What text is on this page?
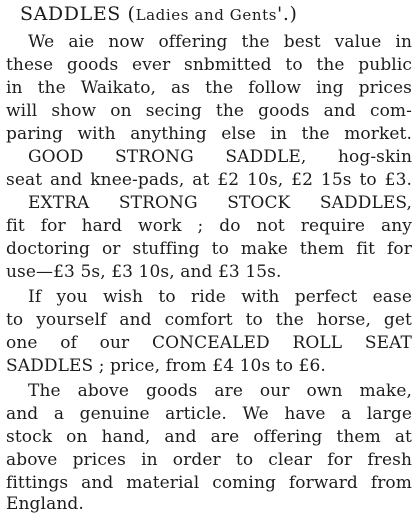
SADDLES (Ladies and Gents'.)
We aie now offering the best value in
these goods ever snbmitted to the public
in the Waikato, as the follow ing prices
will show on secing the goods and com-
paring with anything else in the morket.
GOOD STRONG SADDLE, hog-skin
seat and knee-pads, at £2 10s, £2 15s to £3.
EXTRA STRONG STOCK SADDLES,
fit for hard work ; do not require any
doctoring or stuffing to make them fit for
use—£3 5s, £3 10s, and £3 15s.
If you wish to ride with perfect ease
to yourself and comfort to the horse, get
one of our CONCEALED ROLL SEAT
SADDLES ; price, from £4 10s to £6.
The above goods are our own make,
and a genuine article. We have a large
stock on hand, and are offering them at
above prices in order to clear for fresh
fittings and material coming forward from
England.
